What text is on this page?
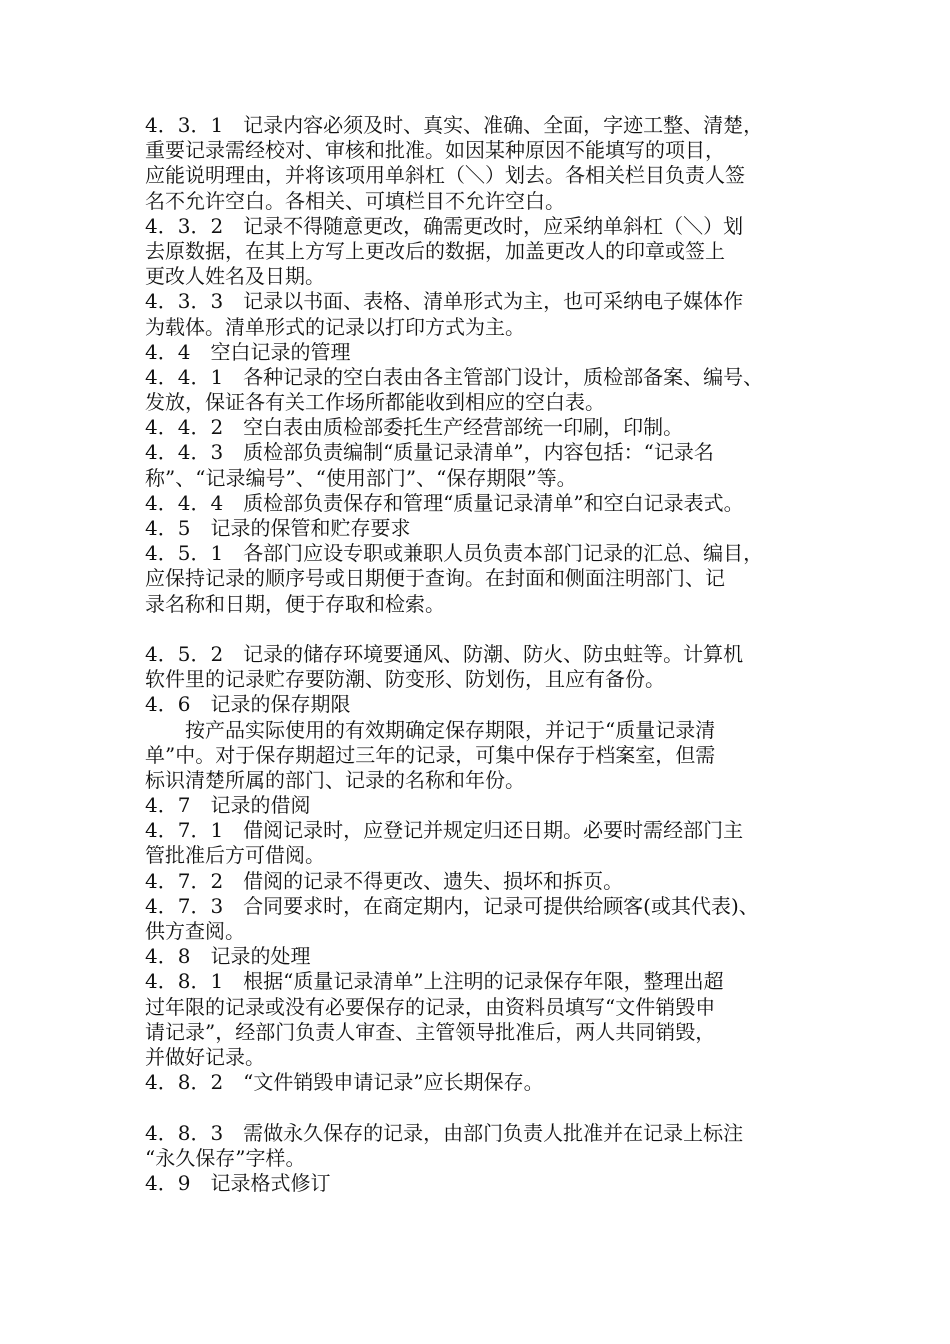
4．3．1　记录内容必须及时、真实、准确、全面，字迹工整、清楚，
重要记录需经校对、审核和批准。如因某种原因不能填写的项目，
应能说明理由，并将该项用单斜杠（＼）划去。各相关栏目负责人签
名不允许空白。各相关、可填栏目不允许空白。
4．3．2　记录不得随意更改，确需更改时，应采纳单斜杠（＼）划
去原数据，在其上方写上更改后的数据，加盖更改人的印章或签上
更改人姓名及日期。
4．3．3　记录以书面、表格、清单形式为主，也可采纳电子媒体作
为载体。清单形式的记录以打印方式为主。
4．4　空白记录的管理
4．4．1　各种记录的空白表由各主管部门设计，质检部备案、编号、
发放，保证各有关工作场所都能收到相应的空白表。
4．4．2　空白表由质检部委托生产经营部统一印刷，印制。
4．4．3　质检部负责编制“质量记录清单”，内容包括：“记录名
称”、“记录编号”、“使用部门”、“保存期限”等。
4．4．4　质检部负责保存和管理“质量记录清单”和空白记录表式。
4．5　记录的保管和贮存要求
4．5．1　各部门应设专职或兼职人员负责本部门记录的汇总、编目，
应保持记录的顺序号或日期便于查询。在封面和侧面注明部门、记
录名称和日期，便于存取和检索。
4．5．2　记录的储存环境要通风、防潮、防火、防虫蛀等。计算机
软件里的记录贮存要防潮、防变形、防划伤，且应有备份。
4．6　记录的保存期限
按产品实际使用的有效期确定保存期限，并记于“质量记录清
单”中。对于保存期超过三年的记录，可集中保存于档案室，但需
标识清楚所属的部门、记录的名称和年份。
4．7　记录的借阅
4．7．1　借阅记录时，应登记并规定归还日期。必要时需经部门主
管批准后方可借阅。
4．7．2　借阅的记录不得更改、遗失、损坏和拆页。
4．7．3　合同要求时，在商定期内，记录可提供给顾客(或其代表)、
供方查阅。
4．8　记录的处理
4．8．1　根据“质量记录清单”上注明的记录保存年限，整理出超
过年限的记录或没有必要保存的记录，由资料员填写“文件销毁申
请记录”，经部门负责人审查、主管领导批准后，两人共同销毁，
并做好记录。
4．8．2　“文件销毁申请记录”应长期保存。
4．8．3　需做永久保存的记录，由部门负责人批准并在记录上标注
“永久保存”字样。
4．9　记录格式修订
